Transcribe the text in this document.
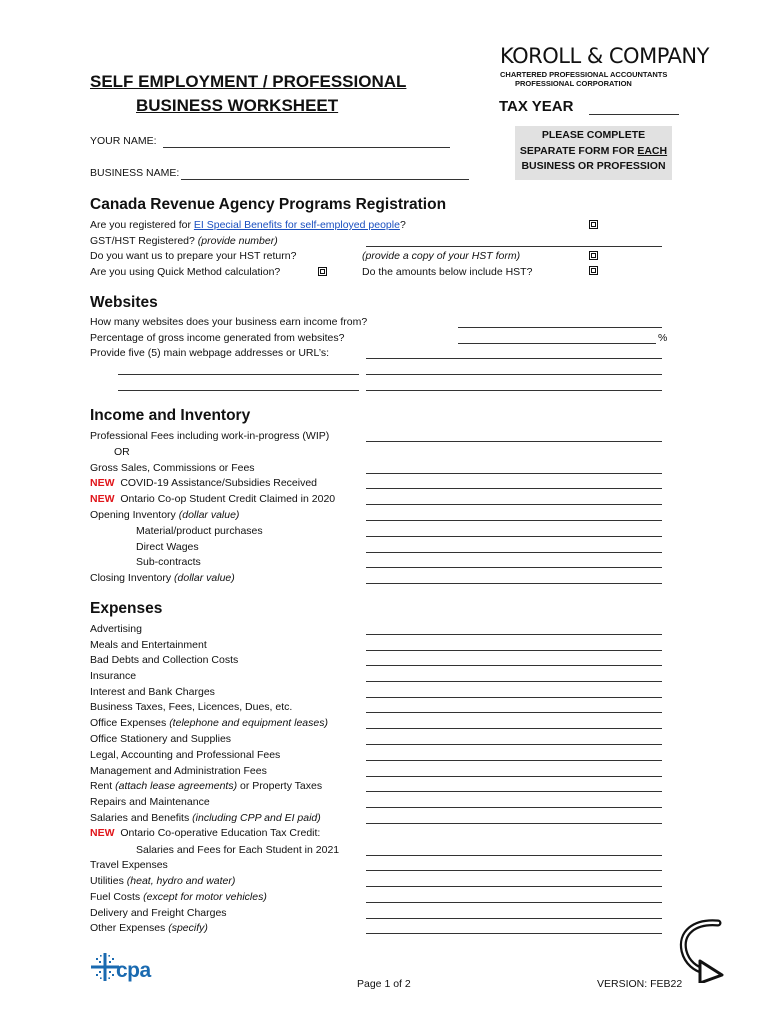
SELF EMPLOYMENT / PROFESSIONAL
BUSINESS WORKSHEET
KOROLL & COMPANY
CHARTERED PROFESSIONAL ACCOUNTANTS
PROFESSIONAL CORPORATION
TAX YEAR
PLEASE COMPLETE
SEPARATE FORM FOR EACH
BUSINESS OR PROFESSION
YOUR NAME:
BUSINESS NAME:
Canada Revenue Agency Programs Registration
Are you registered for EI Special Benefits for self-employed people?
GST/HST Registered? (provide number)
Do you want us to prepare your HST return?	(provide a copy of your HST form)
Are you using Quick Method calculation?	Do the amounts below include HST?
Websites
How many websites does your business earn income from?
Percentage of gross income generated from websites?	%
Provide five (5) main webpage addresses or URL’s:
Income and Inventory
Professional Fees including work-in-progress (WIP)
OR
Gross Sales, Commissions or Fees
NEW COVID-19 Assistance/Subsidies Received
NEW Ontario Co-op Student Credit Claimed in 2020
Opening Inventory (dollar value)
Material/product purchases
Direct Wages
Sub-contracts
Closing Inventory (dollar value)
Expenses
Advertising
Meals and Entertainment
Bad Debts and Collection Costs
Insurance
Interest and Bank Charges
Business Taxes, Fees, Licences, Dues, etc.
Office Expenses (telephone and equipment leases)
Office Stationery and Supplies
Legal, Accounting and Professional Fees
Management and Administration Fees
Rent (attach lease agreements) or Property Taxes
Repairs and Maintenance
Salaries and Benefits (including CPP and EI paid)
NEW Ontario Co-operative Education Tax Credit:
Salaries and Fees for Each Student in 2021
Travel Expenses
Utilities (heat, hydro and water)
Fuel Costs (except for motor vehicles)
Delivery and Freight Charges
Other Expenses (specify)
cpa
Page 1 of 2	VERSION: FEB22
